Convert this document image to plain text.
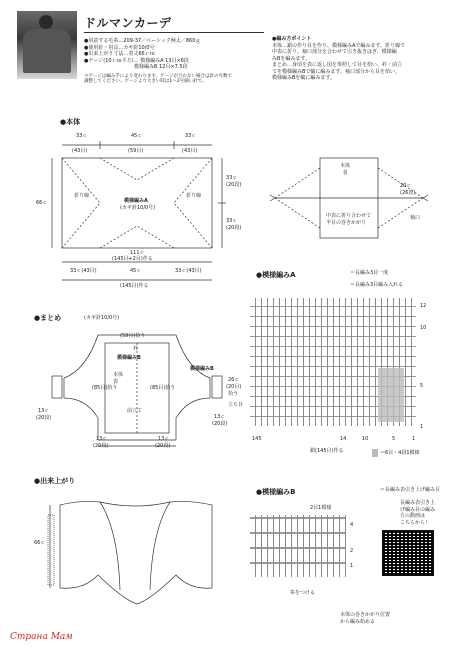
ドルマンカーデ
●用意する毛糸…209-37／ベーシック極太／860ｇ
●使用針・用具…カギ針10/0号
●出来上がり寸法…着丈66ｃｍ
●ゲージ(10ｃｍ平方)… 模様編みA 13目×6段
模様編みB 12目×7.5段
＊ゲージは編み手により変わります。ゲージが合わない場合は針の号数で
調整してください。ゲージより大きい時は1～2号細い針で。
●編み方ポイント
本体…鎖の作り目を作り、模様編みAで編みます。折り線で
中表に折り、袖口部分を合わせて引き抜きはぎ、模様編
みBを編みます。
まとめ…身頃を表に返し図を参照して目を拾い、衿・前立
てを模様編みBで輪に編みます。袖口部分から目を拾い、
模様編みBを輪に編みます。
●本体
33ｃ	45ｃ	33ｃ
(43目)	(59目)	(43目)
66ｃ
33ｃ
(20段)
33ｃ
(20段)
折り線	折り線
模様編みA
(カギ針10/0号)
111ｃ
(145目+2目)作る
33ｃ(43目)	45ｃ	33ｃ(43目)
(145目)作る
本体
表
20ｃ
(26段)
中表に折り合わせて
半目の巻きかがり
袖口
●まとめ	(カギ針10/0号)
(59目)拾う
衿
模様編みB
本体
表
(85目)拾う	(85目)拾う
前立て
13ｃ
(20段)
模様編みB
26ｃ
(20目)
拾う
13ｃ
(20段)
立ち目
13ｃ
(20段)
13ｃ
(20段)
●出来上がり
66ｃ
●模様編みA	＝長編み3目一度
＝長編み3目編み入れる
12
10
5
1
145	14	10	5	1
鎖(145目)作る	＝6目・4段1模様
●模様編みB	＝長編み表引き上げ編み目
2目1模様
4
2
1
糸をつける
本体の巻きかがり位置
から編み始める
長編み表引き上
げ編み目の編み
方の動画は
こちらから！
Страна Мам
